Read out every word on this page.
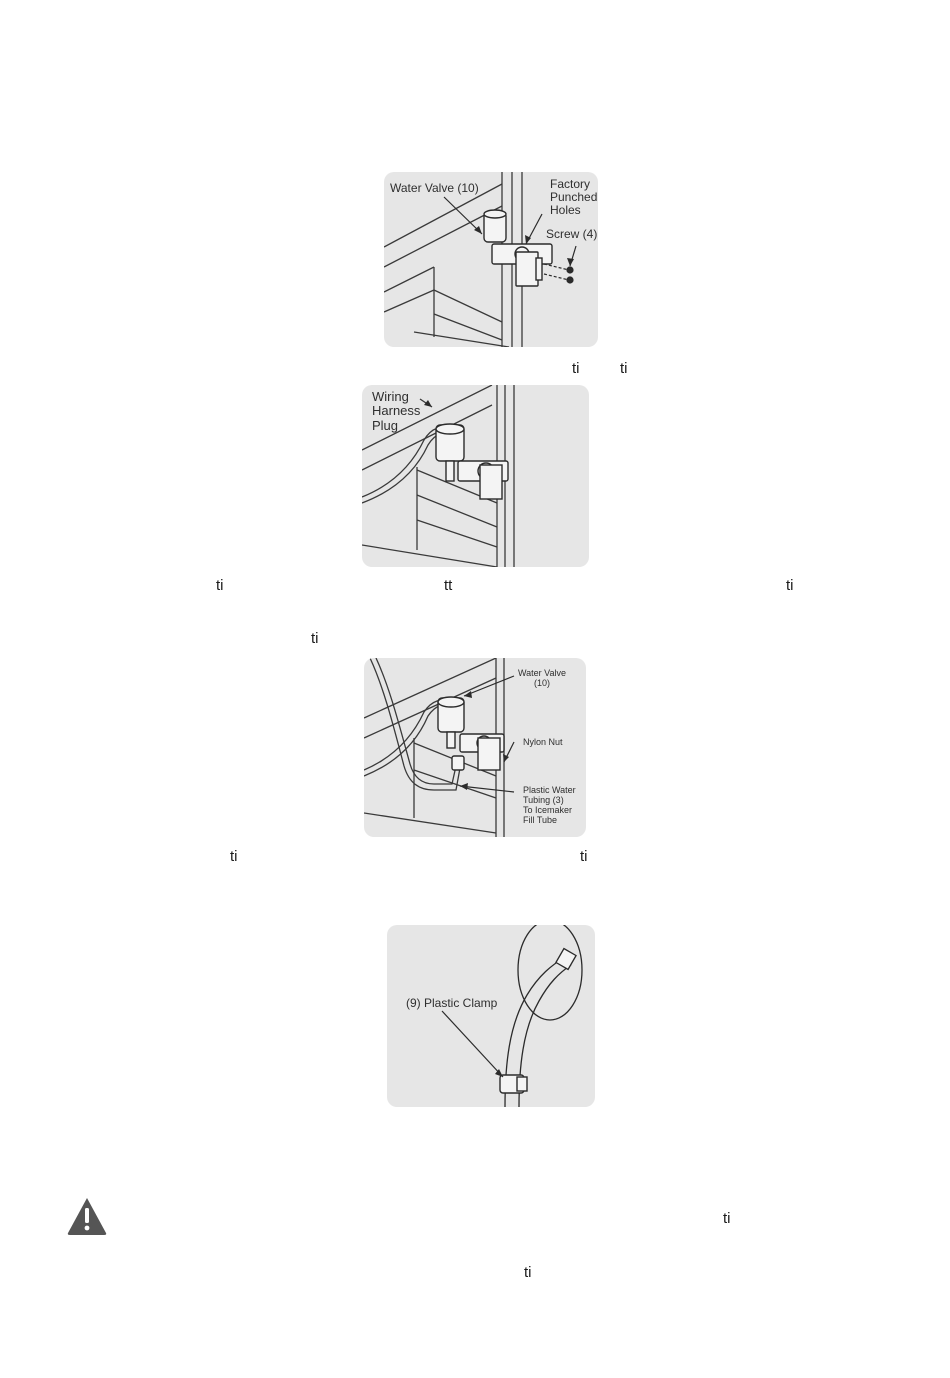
Water Valve (10)	Factory
Punched
Holes
Screw (4)
ti	ti
Wiring
Harness
Plug
ti	tt	ti
ti
Water Valve
(10)
Nylon Nut
Plastic Water
Tubing (3)
To Icemaker
Fill Tube
ti	ti
(9) Plastic Clamp
ti
ti
